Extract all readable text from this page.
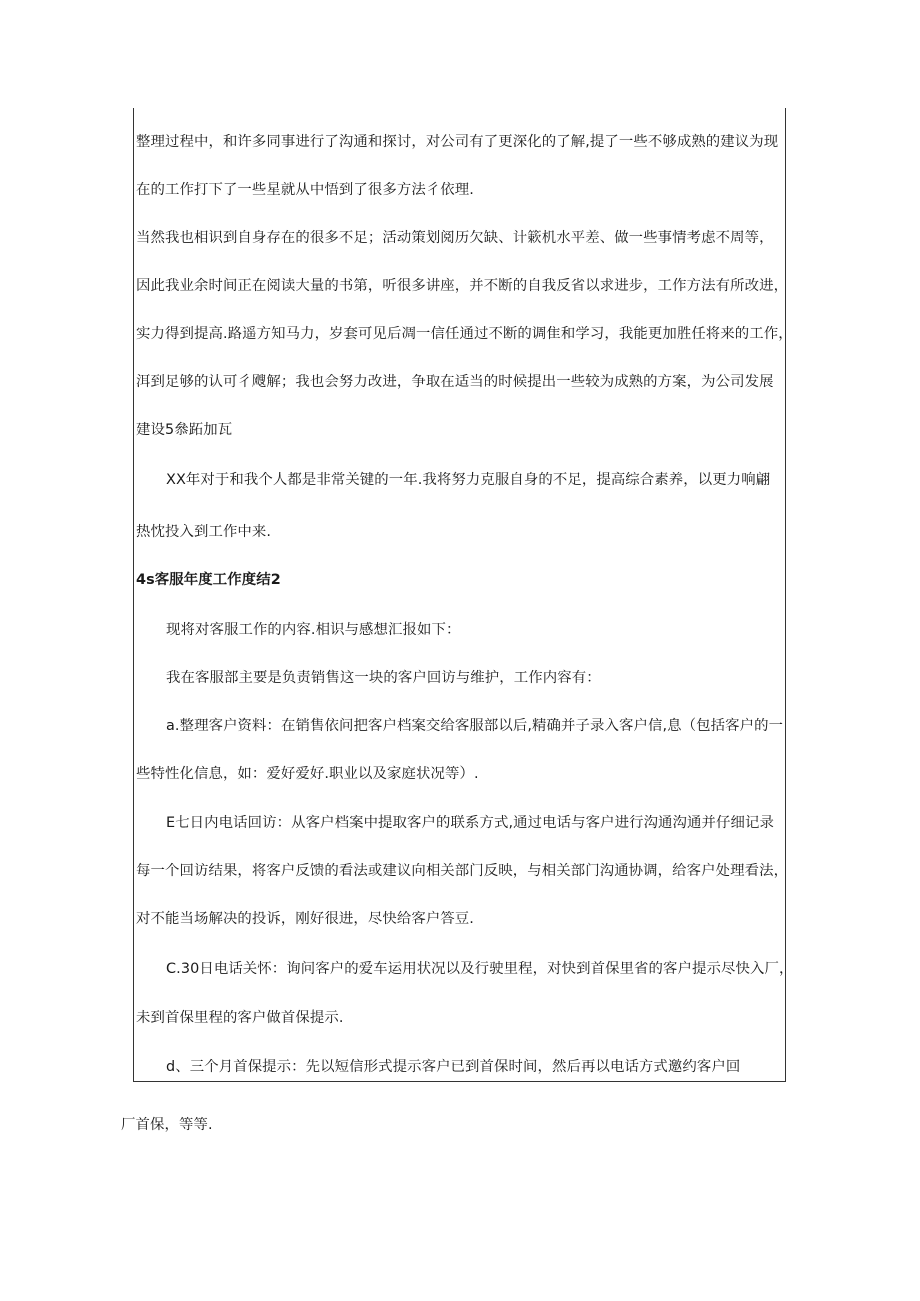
整理过程中，和许多同事进行了沟通和探讨，对公司有了更深化的了解,提了一些不够成熟的建议为现
在的工作打下了一些星就从中悟到了很多方法彳依理.
当然我也相识到自身存在的很多不足；活动策划阅历欠缺、计簌机水平差、做一些事情考虑不周等，
因此我业余时间正在阅读大量的书第，听很多讲座，并不断的自我反省以求进步，工作方法有所改进，
实力得到提高.路遥方知马力，岁套可见后凋一信任通过不断的调隹和学习，我能更加胜任将来的工作，
洱到足够的认可彳飕解；我也会努力改进，争取在适当的时候提出一些较为成熟的方案，为公司发展
建设5叅跖加瓦
XX年对于和我个人都是非常关键的一年.我将努力克服自身的不足，提高综合素养，以更力响翩
热忱投入到工作中来.
4s客服年度工作度结2
现将对客服工作的内容.相识与感想汇报如下：
我在客服部主要是负责销售这一块的客户回访与维护，工作内容有：
a.整理客户资料：在销售依问把客户档案交给客服部以后,精确并子录入客户信,息（包括客户的一
些特性化信息，如：爱好爱好.职业以及家庭状况等）.
E七日内电话回访：从客户档案中提取客户的联系方式,通过电话与客户进行沟通沟通并仔细记录
每一个回访结果，将客户反馈的看法或建议向相关部门反映，与相关部门沟通协调，给客户处理看法，
对不能当场解决的投诉，刚好很进，尽快给客户答豆.
C.30日电话关怀：询问客户的爱车运用状况以及行驶里程，对快到首保里省的客户提示尽快入厂，
未到首保里程的客户做首保提示.
d、三个月首保提示：先以短信形式提示客户已到首保时间，然后再以电话方式邀约客户回
厂首保，等等.
